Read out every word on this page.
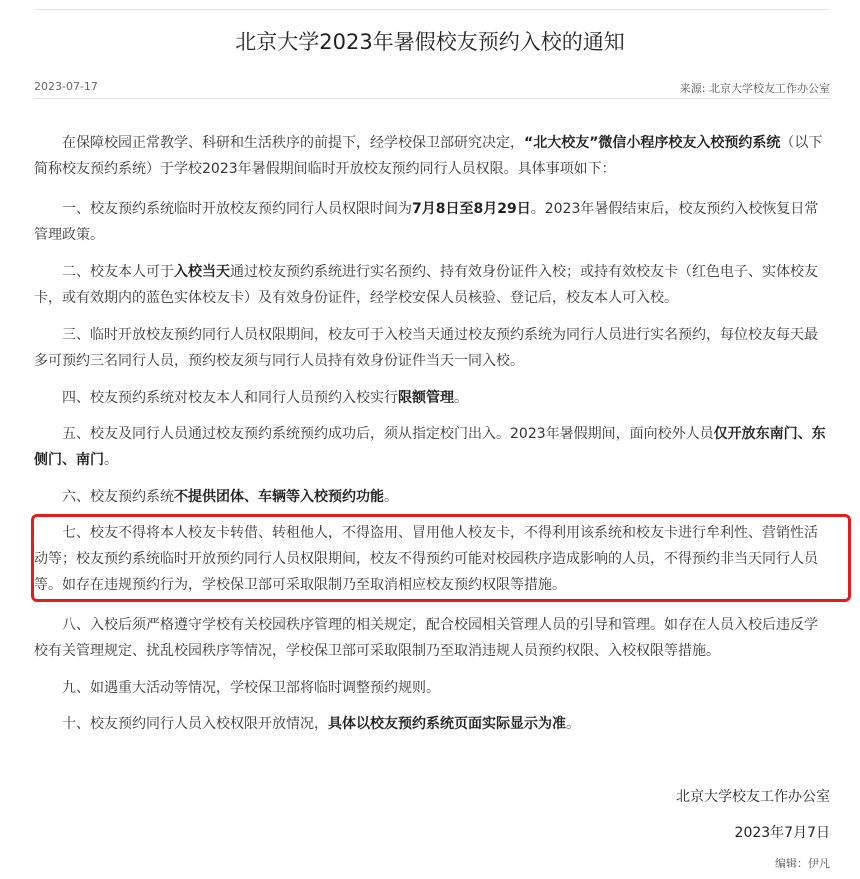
北京大学2023年暑假校友预约入校的通知
2023-07-17	来源: 北京大学校友工作办公室

在保障校园正常教学、科研和生活秩序的前提下，经学校保卫部研究决定，“北大校友”微信小程序校友入校预约系统（以下简称校友预约系统）于学校2023年暑假期间临时开放校友预约同行人员权限。具体事项如下：

一、校友预约系统临时开放校友预约同行人员权限时间为7月8日至8月29日。2023年暑假结束后，校友预约入校恢复日常管理政策。

二、校友本人可于入校当天通过校友预约系统进行实名预约、持有效身份证件入校；或持有效校友卡（红色电子、实体校友卡，或有效期内的蓝色实体校友卡）及有效身份证件，经学校安保人员核验、登记后，校友本人可入校。

三、临时开放校友预约同行人员权限期间，校友可于入校当天通过校友预约系统为同行人员进行实名预约，每位校友每天最多可预约三名同行人员，预约校友须与同行人员持有效身份证件当天一同入校。

四、校友预约系统对校友本人和同行人员预约入校实行限额管理。

五、校友及同行人员通过校友预约系统预约成功后，须从指定校门出入。2023年暑假期间，面向校外人员仅开放东南门、东侧门、南门。

六、校友预约系统不提供团体、车辆等入校预约功能。

七、校友不得将本人校友卡转借、转租他人，不得盗用、冒用他人校友卡，不得利用该系统和校友卡进行牟利性、营销性活动等；校友预约系统临时开放预约同行人员权限期间，校友不得预约可能对校园秩序造成影响的人员，不得预约非当天同行人员等。如存在违规预约行为，学校保卫部可采取限制乃至取消相应校友预约权限等措施。

八、入校后须严格遵守学校有关校园秩序管理的相关规定，配合校园相关管理人员的引导和管理。如存在人员入校后违反学校有关管理规定、扰乱校园秩序等情况，学校保卫部可采取限制乃至取消违规人员预约权限、入校权限等措施。

九、如遇重大活动等情况，学校保卫部将临时调整预约规则。

十、校友预约同行人员入校权限开放情况，具体以校友预约系统页面实际显示为准。

北京大学校友工作办公室
2023年7月7日
编辑：伊凡
